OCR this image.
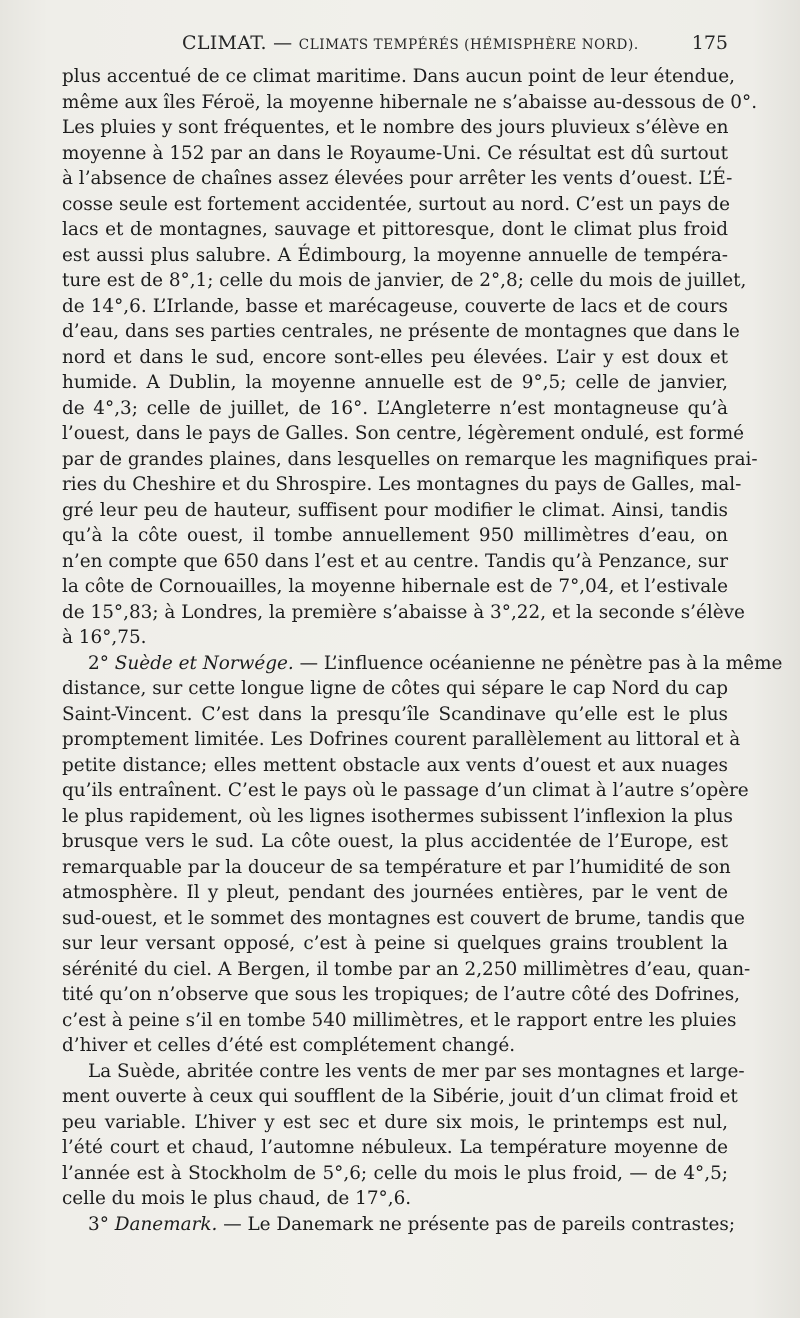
CLIMAT. — CLIMATS TEMPÉRÉS (HÉMISPHÈRE NORD).	175
plus accentué de ce climat maritime. Dans aucun point de leur étendue,
même aux îles Féroë, la moyenne hibernale ne s’abaisse au-dessous de 0°.
Les pluies y sont fréquentes, et le nombre des jours pluvieux s’élève en
moyenne à 152 par an dans le Royaume-Uni. Ce résultat est dû surtout
à l’absence de chaînes assez élevées pour arrêter les vents d’ouest. L’É-
cosse seule est fortement accidentée, surtout au nord. C’est un pays de
lacs et de montagnes, sauvage et pittoresque, dont le climat plus froid
est aussi plus salubre. A Édimbourg, la moyenne annuelle de tempéra-
ture est de 8°,1; celle du mois de janvier, de 2°,8; celle du mois de juillet,
de 14°,6. L’Irlande, basse et marécageuse, couverte de lacs et de cours
d’eau, dans ses parties centrales, ne présente de montagnes que dans le
nord et dans le sud, encore sont-elles peu élevées. L’air y est doux et
humide. A Dublin, la moyenne annuelle est de 9°,5; celle de janvier,
de 4°,3; celle de juillet, de 16°. L’Angleterre n’est montagneuse qu’à
l’ouest, dans le pays de Galles. Son centre, légèrement ondulé, est formé
par de grandes plaines, dans lesquelles on remarque les magnifiques prai-
ries du Cheshire et du Shrospire. Les montagnes du pays de Galles, mal-
gré leur peu de hauteur, suffisent pour modifier le climat. Ainsi, tandis
qu’à la côte ouest, il tombe annuellement 950 millimètres d’eau, on
n’en compte que 650 dans l’est et au centre. Tandis qu’à Penzance, sur
la côte de Cornouailles, la moyenne hibernale est de 7°,04, et l’estivale
de 15°,83; à Londres, la première s’abaisse à 3°,22, et la seconde s’élève
à 16°,75.
2° Suède et Norwége. — L’influence océanienne ne pénètre pas à la même
distance, sur cette longue ligne de côtes qui sépare le cap Nord du cap
Saint-Vincent. C’est dans la presqu’île Scandinave qu’elle est le plus
promptement limitée. Les Dofrines courent parallèlement au littoral et à
petite distance; elles mettent obstacle aux vents d’ouest et aux nuages
qu’ils entraînent. C’est le pays où le passage d’un climat à l’autre s’opère
le plus rapidement, où les lignes isothermes subissent l’inflexion la plus
brusque vers le sud. La côte ouest, la plus accidentée de l’Europe, est
remarquable par la douceur de sa température et par l’humidité de son
atmosphère. Il y pleut, pendant des journées entières, par le vent de
sud-ouest, et le sommet des montagnes est couvert de brume, tandis que
sur leur versant opposé, c’est à peine si quelques grains troublent la
sérénité du ciel. A Bergen, il tombe par an 2,250 millimètres d’eau, quan-
tité qu’on n’observe que sous les tropiques; de l’autre côté des Dofrines,
c’est à peine s’il en tombe 540 millimètres, et le rapport entre les pluies
d’hiver et celles d’été est complétement changé.
La Suède, abritée contre les vents de mer par ses montagnes et large-
ment ouverte à ceux qui soufflent de la Sibérie, jouit d’un climat froid et
peu variable. L’hiver y est sec et dure six mois, le printemps est nul,
l’été court et chaud, l’automne nébuleux. La température moyenne de
l’année est à Stockholm de 5°,6; celle du mois le plus froid, — de 4°,5;
celle du mois le plus chaud, de 17°,6.
3° Danemark. — Le Danemark ne présente pas de pareils contrastes;
